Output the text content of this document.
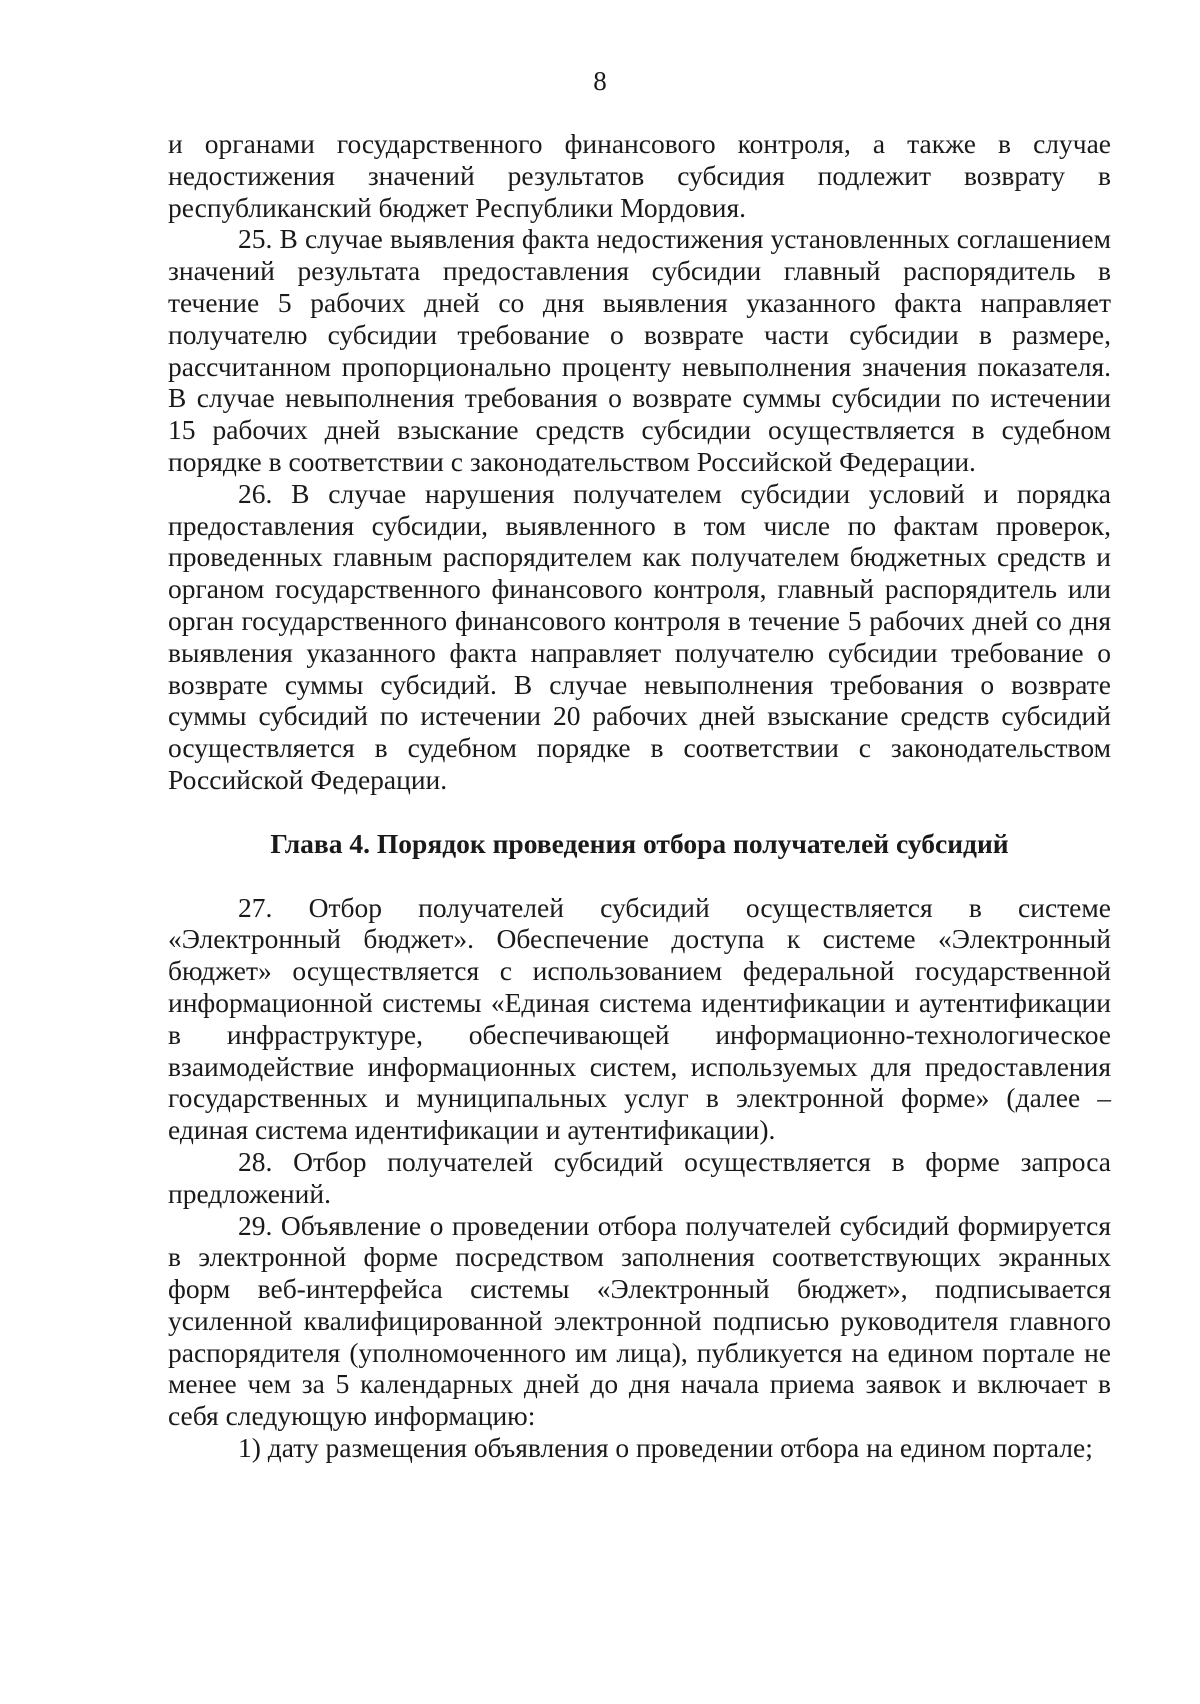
8

и органами государственного финансового контроля, а также в случае недостижения значений результатов субсидия подлежит возврату в республиканский бюджет Республики Мордовия.

25. В случае выявления факта недостижения установленных соглашением значений результата предоставления субсидии главный распорядитель в течение 5 рабочих дней со дня выявления указанного факта направляет получателю субсидии требование о возврате части субсидии в размере, рассчитанном пропорционально проценту невыполнения значения показателя. В случае невыполнения требования о возврате суммы субсидии по истечении 15 рабочих дней взыскание средств субсидии осуществляется в судебном порядке в соответствии с законодательством Российской Федерации.

26. В случае нарушения получателем субсидии условий и порядка предоставления субсидии, выявленного в том числе по фактам проверок, проведенных главным распорядителем как получателем бюджетных средств и органом государственного финансового контроля, главный распорядитель или орган государственного финансового контроля в течение 5 рабочих дней со дня выявления указанного факта направляет получателю субсидии требование о возврате суммы субсидий. В случае невыполнения требования о возврате суммы субсидий по истечении 20 рабочих дней взыскание средств субсидий осуществляется в судебном порядке в соответствии с законодательством Российской Федерации.

Глава 4. Порядок проведения отбора получателей субсидий

27. Отбор получателей субсидий осуществляется в системе «Электронный бюджет». Обеспечение доступа к системе «Электронный бюджет» осуществляется с использованием федеральной государственной информационной системы «Единая система идентификации и аутентификации в инфраструктуре, обеспечивающей информационно-технологическое взаимодействие информационных систем, используемых для предоставления государственных и муниципальных услуг в электронной форме» (далее – единая система идентификации и аутентификации).

28. Отбор получателей субсидий осуществляется в форме запроса предложений.

29. Объявление о проведении отбора получателей субсидий формируется в электронной форме посредством заполнения соответствующих экранных форм веб-интерфейса системы «Электронный бюджет», подписывается усиленной квалифицированной электронной подписью руководителя главного распорядителя (уполномоченного им лица), публикуется на едином портале не менее чем за 5 календарных дней до дня начала приема заявок и включает в себя следующую информацию:

1) дату размещения объявления о проведении отбора на едином портале;
